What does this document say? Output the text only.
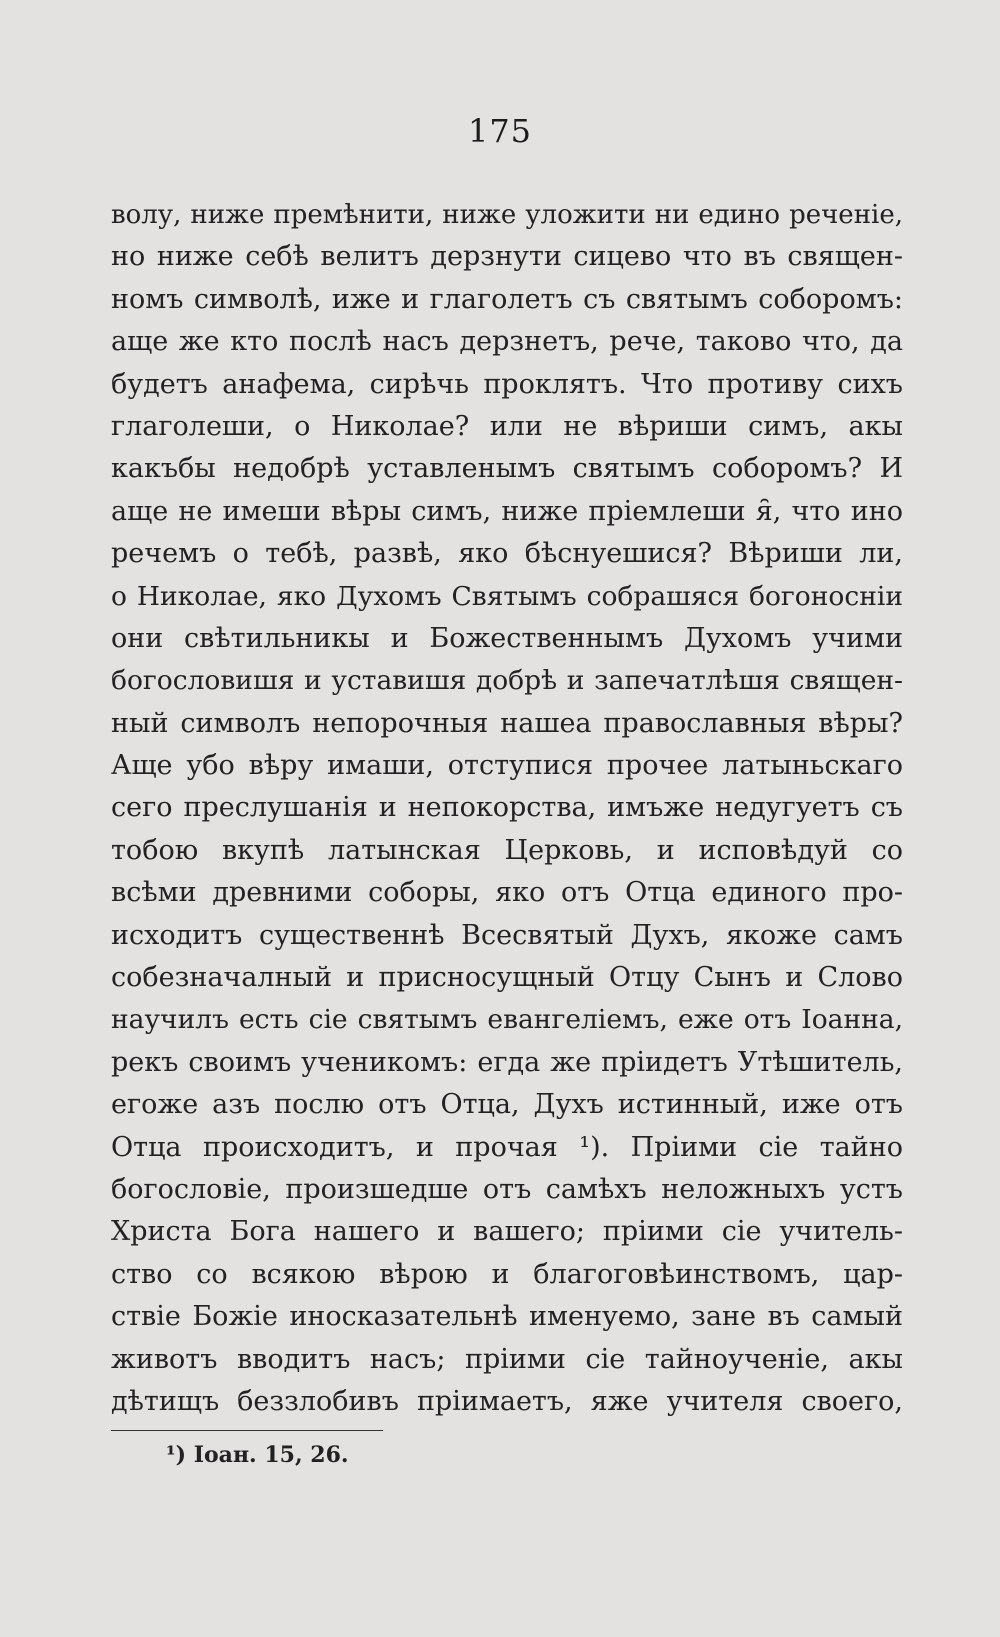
175
волу, ниже премѣнити, ниже уложити ни едино реченіе,
но ниже себѣ велитъ дерзнути сицево что въ священ-
номъ символѣ, иже и глаголетъ съ святымъ соборомъ:
аще же кто послѣ насъ дерзнетъ, рече, таково что, да
будетъ анафема, сирѣчь проклятъ. Что противу сихъ
глаголеши, о Николае? или не вѣриши симъ, акы
какъбы недобрѣ уставленымъ святымъ соборомъ? И
аще не имеши вѣры симъ, ниже пріемлеши я̑, что ино
речемъ о тебѣ, развѣ, яко бѣснуешися? Вѣриши ли,
о Николае, яко Духомъ Святымъ собрашяся богоносніи
они свѣтильникы и Божественнымъ Духомъ учими
богословишя и уставишя добрѣ и запечатлѣшя священ-
ный символъ непорочныя нашеа православныя вѣры?
Аще убо вѣру имаши, отступися прочее латыньскаго
сего преслушанія и непокорства, имъже недугуетъ съ
тобою вкупѣ латынская Церковь, и исповѣдуй со
всѣми древними соборы, яко отъ Отца единого про-
исходитъ существеннѣ Всесвятый Духъ, якоже самъ
собезначалный и присносущный Отцу Сынъ и Слово
научилъ есть сіе святымъ евангеліемъ, еже отъ Іоанна,
рекъ своимъ ученикомъ: егда же пріидетъ Утѣшитель,
егоже азъ послю отъ Отца, Духъ истинный, иже отъ
Отца происходитъ, и прочая ¹). Пріими сіе тайно
богословіе, произшедше отъ самѣхъ неложныхъ устъ
Христа Бога нашего и вашего; пріими сіе учитель-
ство со всякою вѣрою и благоговѣинствомъ, цар-
ствіе Божіе иносказательнѣ именуемо, зане въ самый
животъ вводитъ насъ; пріими сіе тайноученіе, акы
дѣтищъ беззлобивъ пріимаетъ, яже учителя своего,
¹) Іоан. 15, 26.
